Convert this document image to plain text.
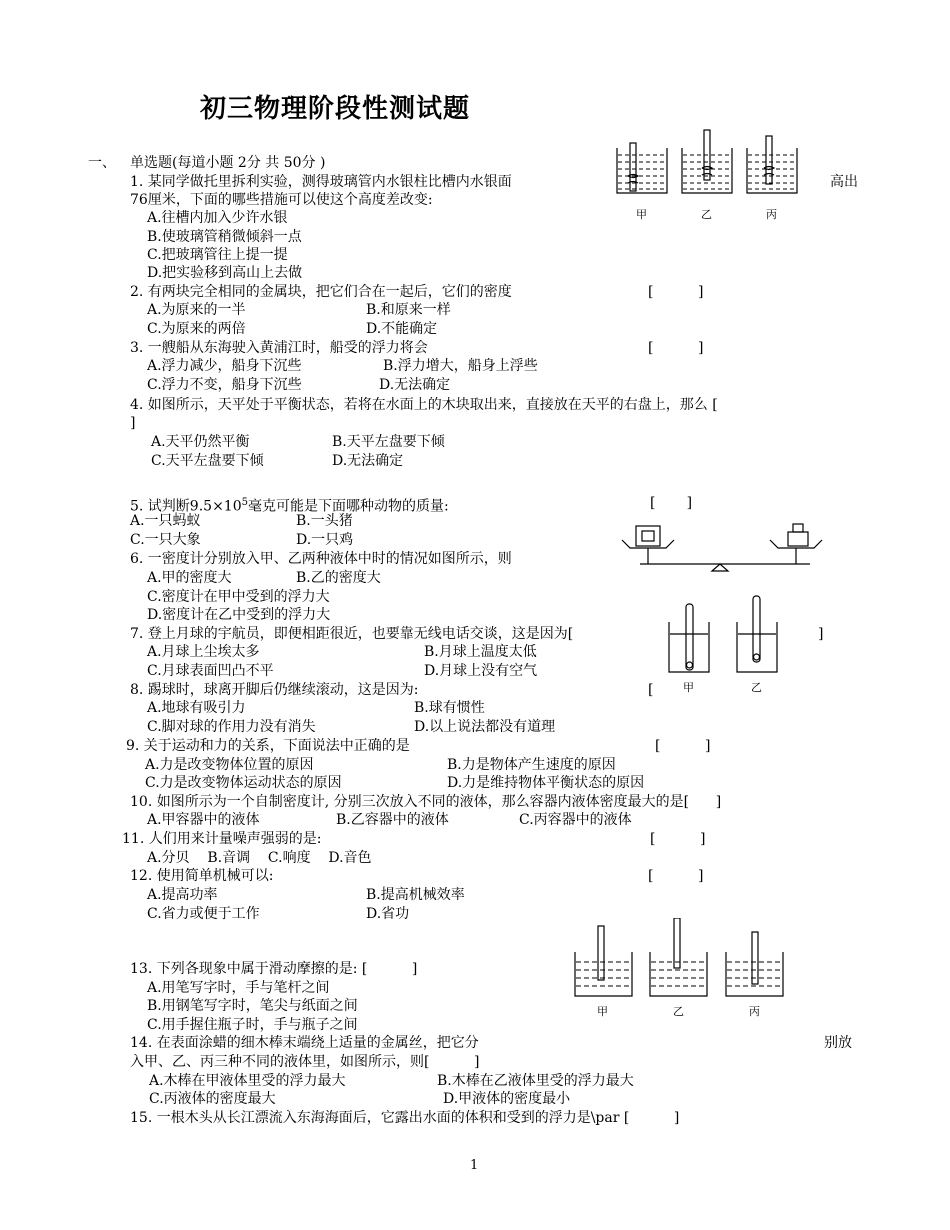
初三物理阶段性测试题
一、 单选题(每道小题 2分 共 50分 )
1. 某同学做托里拆利实验，测得玻璃管内水银柱比槽内水银面	高出
76厘米，下面的哪些措施可以使这个高度差改变:
A.往槽内加入少许水银
B.使玻璃管稍微倾斜一点
C.把玻璃管往上提一提
D.把实验移到高山上去做
2. 有两块完全相同的金属块，把它们合在一起后，它们的密度	[          ]
A.为原来的一半	B.和原来一样
C.为原来的两倍	D.不能确定
3. 一艘船从东海驶入黄浦江时，船受的浮力将会	[          ]
A.浮力减少，船身下沉些	B.浮力增大，船身上浮些
C.浮力不变，船身下沉些	D.无法确定
4. 如图所示，天平处于平衡状态，若将在水面上的木块取出来，直接放在天平的右盘上，那么 [
]
A.天平仍然平衡	B.天平左盘要下倾
C.天平左盘要下倾	D.无法确定
5. 试判断$9.5\times 10^5$毫克可能是下面哪种动物的质量:	[       ]
A.一只蚂蚁	B.一头猪
C.一只大象	D.一只鸡
6. 一密度计分别放入甲、乙两种液体中时的情况如图所示，则
A.甲的密度大	B.乙的密度大
C.密度计在甲中受到的浮力大
D.密度计在乙中受到的浮力大
7. 登上月球的宇航员，即便相距很近，也要靠无线电话交谈，这是因为[	]
A.月球上尘埃太多	B.月球上温度太低
C.月球表面凹凸不平	D.月球上没有空气
8. 踢球时，球离开脚后仍继续滚动，这是因为:	[
A.地球有吸引力	B.球有惯性
C.脚对球的作用力没有消失	D.以上说法都没有道理
9. 关于运动和力的关系，下面说法中正确的是	[          ]
A.力是改变物体位置的原因	B.力是物体产生速度的原因
C.力是改变物体运动状态的原因	D.力是维持物体平衡状态的原因
10. 如图所示为一个自制密度计, 分别三次放入不同的液体，那么容器内液体密度最大的是[      ]
A.甲容器中的液体	B.乙容器中的液体	C.丙容器中的液体
11. 人们用来计量噪声强弱的是:	[          ]
A.分贝    B.音调    C.响度    D.音色
12. 使用简单机械可以:	[          ]
A.提高功率	B.提高机械效率
C.省力或便于工作	D.省功
13. 下列各现象中属于滑动摩擦的是: [          ]
A.用笔写字时，手与笔杆之间
B.用钢笔写字时，笔尖与纸面之间
C.用手握住瓶子时，手与瓶子之间
14. 在表面涂蜡的细木棒末端绕上适量的金属丝，把它分	别放
入甲、乙、丙三种不同的液体里，如图所示，则[          ]
A.木棒在甲液体里受的浮力最大	B.木棒在乙液体里受的浮力最大
C.丙液体的密度最大	D.甲液体的密度最小
15. 一根木头从长江漂流入东海海面后，它露出水面的体积和受到的浮力是\par [          ]
1
甲	乙	丙
甲	乙
甲	乙	丙
